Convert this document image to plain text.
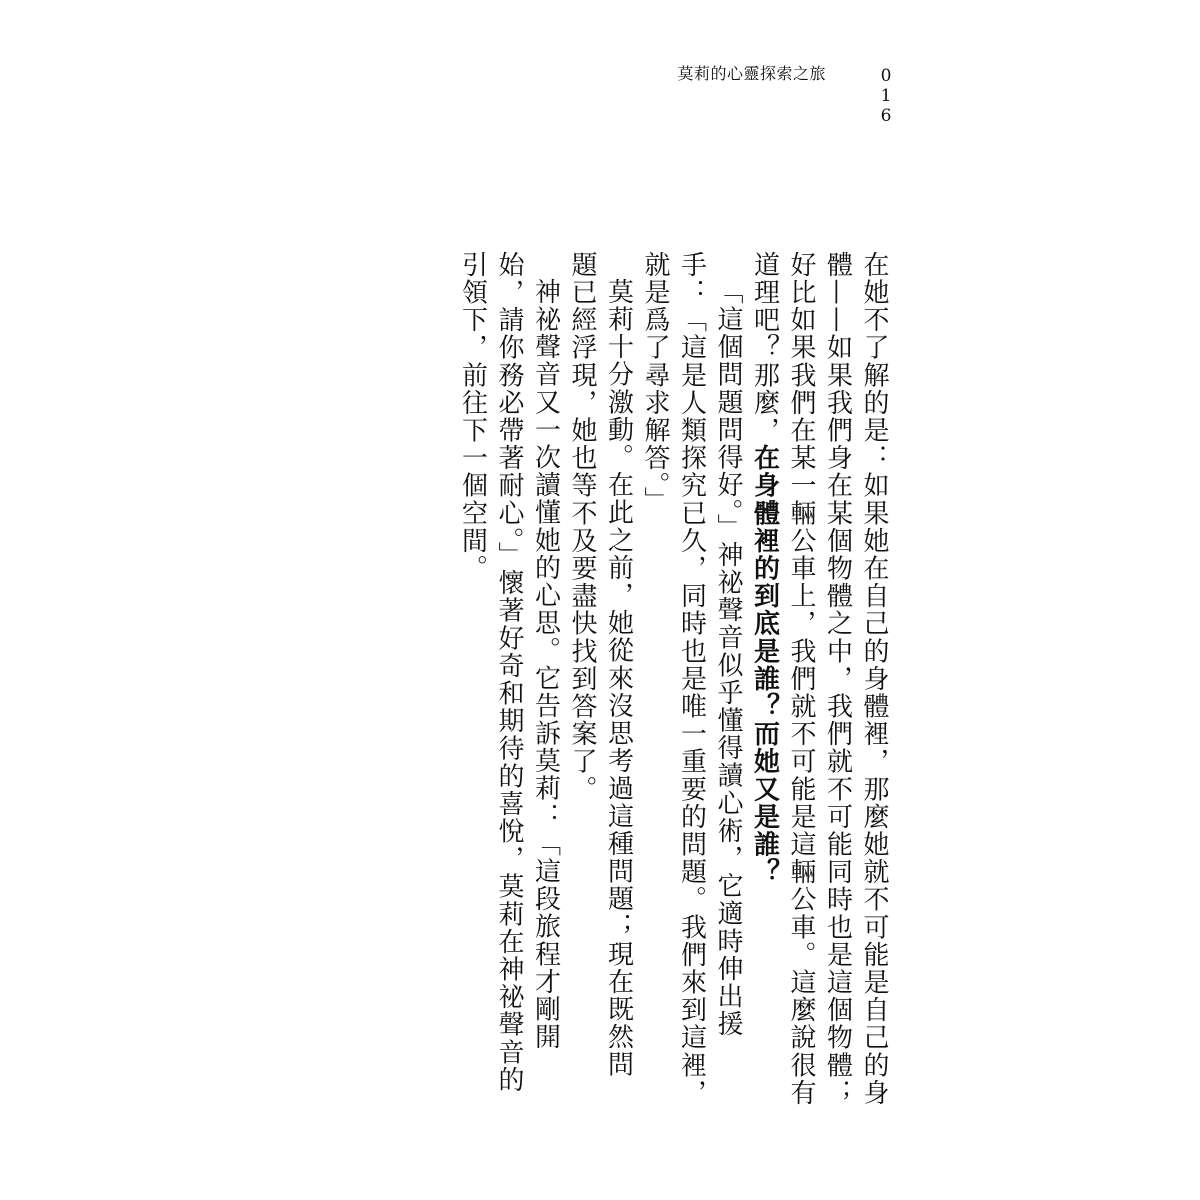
莫莉的心靈探索之旅	016
在她不了解的是：如果她在自己的身體裡，那麼她就不可能是自己的身
體——如果我們身在某個物體之中，我們就不可能同時也是這個物體；
好比如果我們在某一輛公車上，我們就不可能是這輛公車。這麼說很有
道理吧？那麼，在身體裡的到底是誰？而她又是誰？
「這個問題問得好。」神祕聲音似乎懂得讀心術，它適時伸出援
手：「這是人類探究已久，同時也是唯一重要的問題。我們來到這裡，
就是爲了尋求解答。」
莫莉十分激動。在此之前，她從來沒思考過這種問題；現在既然問
題已經浮現，她也等不及要盡快找到答案了。
神祕聲音又一次讀懂她的心思。它告訴莫莉：「這段旅程才剛開
始，請你務必帶著耐心。」懷著好奇和期待的喜悅，莫莉在神祕聲音的
引領下，前往下一個空間。
